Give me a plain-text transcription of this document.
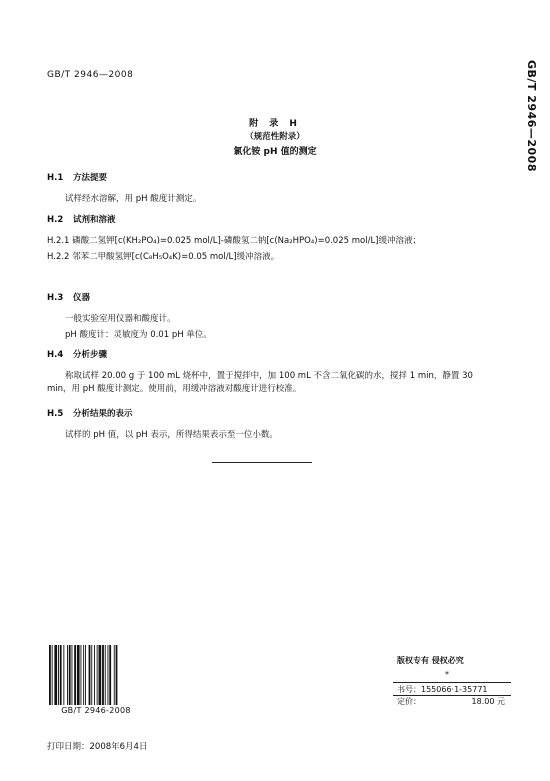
GB/T 2946—2008	GB/T 2946—2008
附 录 H
（规范性附录）
氯化铵 pH 值的测定
H.1 方法提要
试样经水溶解，用 pH 酸度计测定。
H.2 试剂和溶液
H.2.1 磷酸二氢钾[c(KH₂PO₄)=0.025 mol/L]-磷酸氢二钠[c(Na₂HPO₄)=0.025 mol/L]缓冲溶液；
H.2.2 邻苯二甲酸氢钾[c(C₈H₅O₄K)=0.05 mol/L]缓冲溶液。
H.3 仪器
一般实验室用仪器和酸度计。
pH 酸度计：灵敏度为 0.01 pH 单位。
H.4 分析步骤
称取试样 20.00 g 于 100 mL 烧杯中，置于搅拌中，加 100 mL 不含二氧化碳的水，搅拌 1 min，静置 30 min，用 pH 酸度计测定。使用前，用缓冲溶液对酸度计进行校准。
H.5 分析结果的表示
试样的 pH 值，以 pH 表示，所得结果表示至一位小数。
GB/T 2946-2008
版权专有 侵权必究
*
书号：155066·1-35771
定价：	18.00 元
打印日期：2008年6月4日
